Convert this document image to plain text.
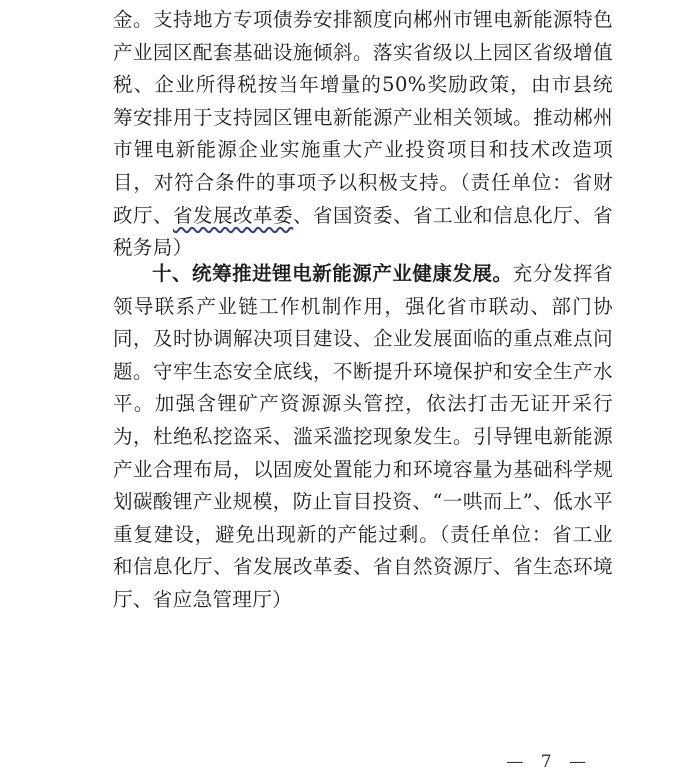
金。支持地方专项债券安排额度向郴州市锂电新能源特色产业园区配套基础设施倾斜。落实省级以上园区省级增值税、企业所得税按当年增量的50%奖励政策，由市县统筹安排用于支持园区锂电新能源产业相关领域。推动郴州市锂电新能源企业实施重大产业投资项目和技术改造项目，对符合条件的事项予以积极支持。（责任单位：省财政厅、省发展改革委、省国资委、省工业和信息化厅、省税务局）

十、统筹推进锂电新能源产业健康发展。充分发挥省领导联系产业链工作机制作用，强化省市联动、部门协同，及时协调解决项目建设、企业发展面临的重点难点问题。守牢生态安全底线，不断提升环境保护和安全生产水平。加强含锂矿产资源源头管控，依法打击无证开采行为，杜绝私挖盗采、滥采滥挖现象发生。引导锂电新能源产业合理布局，以固废处置能力和环境容量为基础科学规划碳酸锂产业规模，防止盲目投资、“一哄而上”、低水平重复建设，避免出现新的产能过剩。（责任单位：省工业和信息化厅、省发展改革委、省自然资源厅、省生态环境厅、省应急管理厅）

— 7 —
